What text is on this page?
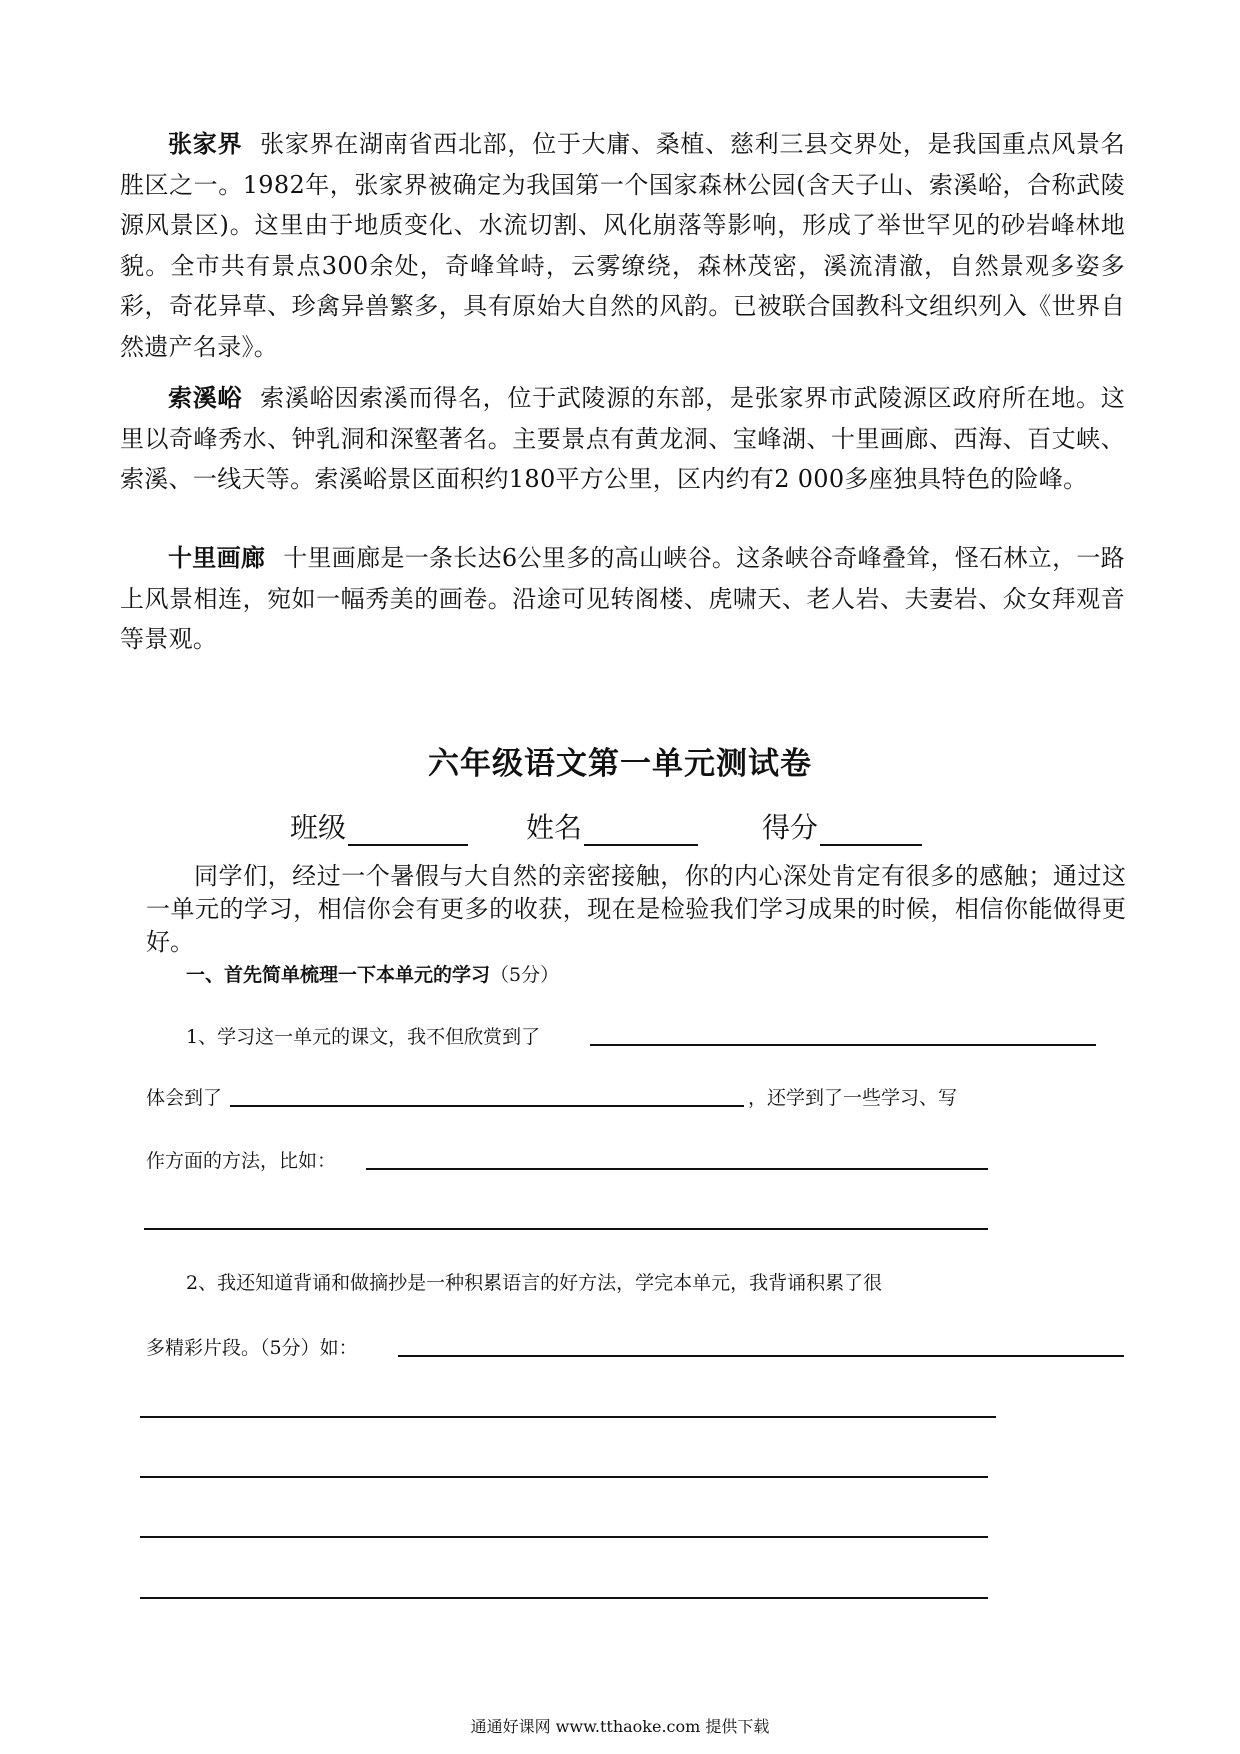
张家界 张家界在湖南省西北部，位于大庸、桑植、慈利三县交界处，是我国重点风景名胜区之一。1982年，张家界被确定为我国第一个国家森林公园(含天子山、索溪峪，合称武陵源风景区)。这里由于地质变化、水流切割、风化崩落等影响，形成了举世罕见的砂岩峰林地貌。全市共有景点300余处，奇峰耸峙，云雾缭绕，森林茂密，溪流清澈，自然景观多姿多彩，奇花异草、珍禽异兽繁多，具有原始大自然的风韵。已被联合国教科文组织列入《世界自然遗产名录》。

索溪峪 索溪峪因索溪而得名，位于武陵源的东部，是张家界市武陵源区政府所在地。这里以奇峰秀水、钟乳洞和深壑著名。主要景点有黄龙洞、宝峰湖、十里画廊、西海、百丈峡、索溪、一线天等。索溪峪景区面积约180平方公里，区内约有2 000多座独具特色的险峰。

十里画廊 十里画廊是一条长达6公里多的高山峡谷。这条峡谷奇峰叠耸，怪石林立，一路上风景相连，宛如一幅秀美的画卷。沿途可见转阁楼、虎啸天、老人岩、夫妻岩、众女拜观音等景观。

六年级语文第一单元测试卷
班级	姓名	得分

同学们，经过一个暑假与大自然的亲密接触，你的内心深处肯定有很多的感触；通过这一单元的学习，相信你会有更多的收获，现在是检验我们学习成果的时候，相信你能做得更好。

一、首先简单梳理一下本单元的学习（5分）
1、学习这一单元的课文，我不但欣赏到了
体会到了	，还学到了一些学习、写
作方面的方法，比如：
2、我还知道背诵和做摘抄是一种积累语言的好方法，学完本单元，我背诵积累了很
多精彩片段。（5分）如：
通通好课网 www.tthaoke.com 提供下载
